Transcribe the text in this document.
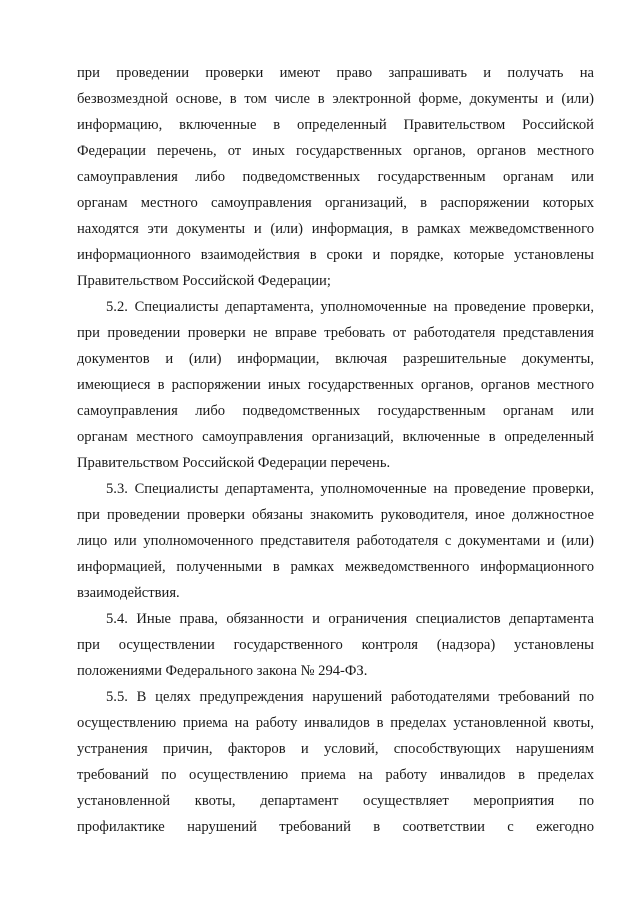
при проведении проверки имеют право запрашивать и получать на
безвозмездной основе, в том числе в электронной форме, документы и (или)
информацию, включенные в определенный Правительством Российской
Федерации перечень, от иных государственных органов, органов местного
самоуправления либо подведомственных государственным органам или
органам местного самоуправления организаций, в распоряжении которых
находятся эти документы и (или) информация, в рамках межведомственного
информационного взаимодействия в сроки и порядке, которые установлены
Правительством Российской Федерации;
5.2. Специалисты департамента, уполномоченные на проведение проверки,
при проведении проверки не вправе требовать от работодателя представления
документов и (или) информации, включая разрешительные документы,
имеющиеся в распоряжении иных государственных органов, органов местного
самоуправления либо подведомственных государственным органам или
органам местного самоуправления организаций, включенные в определенный
Правительством Российской Федерации перечень.
5.3. Специалисты департамента, уполномоченные на проведение проверки,
при проведении проверки обязаны знакомить руководителя, иное должностное
лицо или уполномоченного представителя работодателя с документами и (или)
информацией, полученными в рамках межведомственного информационного
взаимодействия.
5.4. Иные права, обязанности и ограничения специалистов департамента
при осуществлении государственного контроля (надзора) установлены
положениями Федерального закона № 294-ФЗ.
5.5. В целях предупреждения нарушений работодателями требований по
осуществлению приема на работу инвалидов в пределах установленной квоты,
устранения причин, факторов и условий, способствующих нарушениям
требований по осуществлению приема на работу инвалидов в пределах
установленной квоты, департамент осуществляет мероприятия по
профилактике нарушений требований в соответствии с ежегодно
